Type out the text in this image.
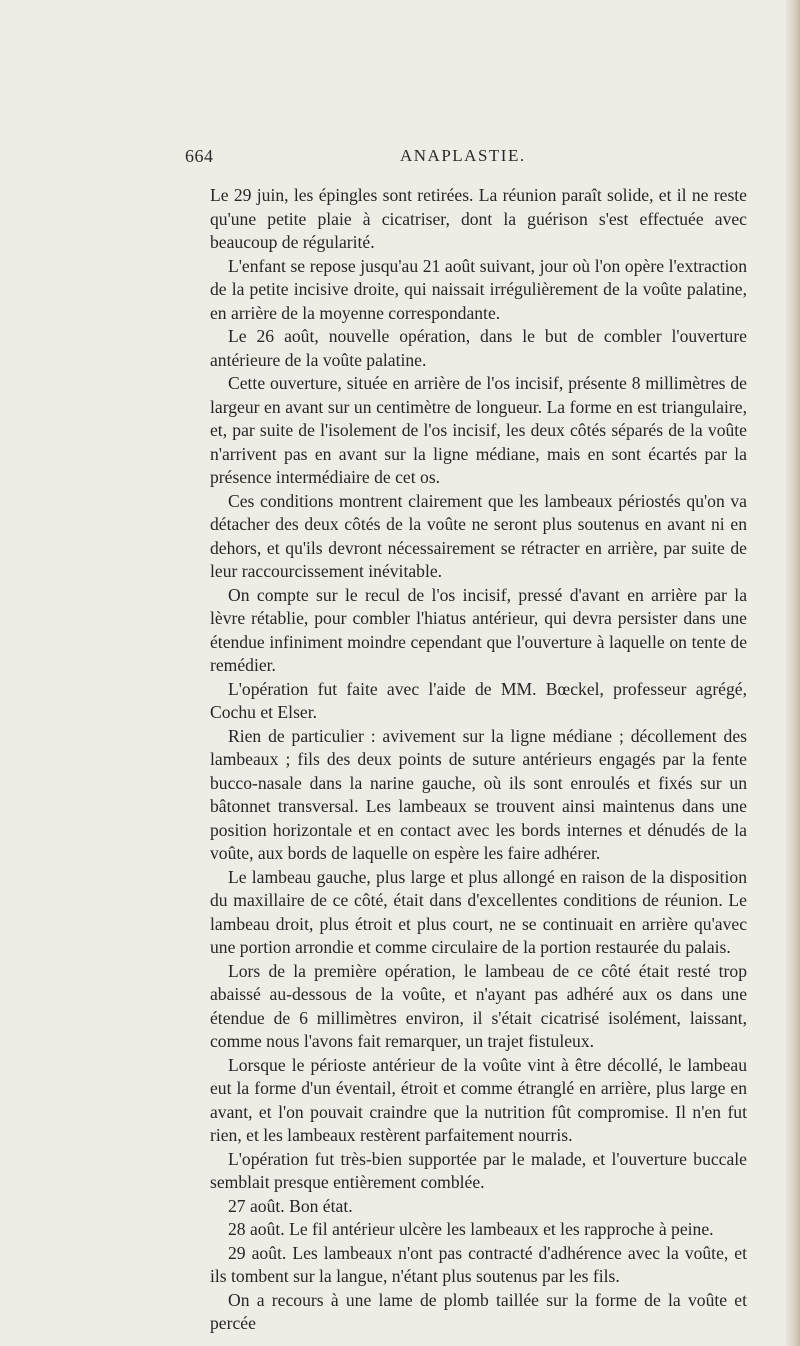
664	ANAPLASTIE.

Le 29 juin, les épingles sont retirées. La réunion paraît solide, et il ne reste qu'une petite plaie à cicatriser, dont la guérison s'est effectuée avec beaucoup de régularité.

L'enfant se repose jusqu'au 21 août suivant, jour où l'on opère l'extraction de la petite incisive droite, qui naissait irrégulièrement de la voûte palatine, en arrière de la moyenne correspondante.

Le 26 août, nouvelle opération, dans le but de combler l'ouverture antérieure de la voûte palatine.

Cette ouverture, située en arrière de l'os incisif, présente 8 millimètres de largeur en avant sur un centimètre de longueur. La forme en est triangulaire, et, par suite de l'isolement de l'os incisif, les deux côtés séparés de la voûte n'arrivent pas en avant sur la ligne médiane, mais en sont écartés par la présence intermédiaire de cet os.

Ces conditions montrent clairement que les lambeaux périostés qu'on va détacher des deux côtés de la voûte ne seront plus soutenus en avant ni en dehors, et qu'ils devront nécessairement se rétracter en arrière, par suite de leur raccourcissement inévitable.

On compte sur le recul de l'os incisif, pressé d'avant en arrière par la lèvre rétablie, pour combler l'hiatus antérieur, qui devra persister dans une étendue infiniment moindre cependant que l'ouverture à laquelle on tente de remédier.

L'opération fut faite avec l'aide de MM. Bœckel, professeur agrégé, Cochu et Elser.

Rien de particulier : avivement sur la ligne médiane ; décollement des lambeaux ; fils des deux points de suture antérieurs engagés par la fente bucco-nasale dans la narine gauche, où ils sont enroulés et fixés sur un bâtonnet transversal. Les lambeaux se trouvent ainsi maintenus dans une position horizontale et en contact avec les bords internes et dénudés de la voûte, aux bords de laquelle on espère les faire adhérer.

Le lambeau gauche, plus large et plus allongé en raison de la disposition du maxillaire de ce côté, était dans d'excellentes conditions de réunion. Le lambeau droit, plus étroit et plus court, ne se continuait en arrière qu'avec une portion arrondie et comme circulaire de la portion restaurée du palais.

Lors de la première opération, le lambeau de ce côté était resté trop abaissé au-dessous de la voûte, et n'ayant pas adhéré aux os dans une étendue de 6 millimètres environ, il s'était cicatrisé isolément, laissant, comme nous l'avons fait remarquer, un trajet fistuleux.

Lorsque le périoste antérieur de la voûte vint à être décollé, le lambeau eut la forme d'un éventail, étroit et comme étranglé en arrière, plus large en avant, et l'on pouvait craindre que la nutrition fût compromise. Il n'en fut rien, et les lambeaux restèrent parfaitement nourris.

L'opération fut très-bien supportée par le malade, et l'ouverture buccale semblait presque entièrement comblée.

27 août. Bon état.

28 août. Le fil antérieur ulcère les lambeaux et les rapproche à peine.

29 août. Les lambeaux n'ont pas contracté d'adhérence avec la voûte, et ils tombent sur la langue, n'étant plus soutenus par les fils.

On a recours à une lame de plomb taillée sur la forme de la voûte et percée
